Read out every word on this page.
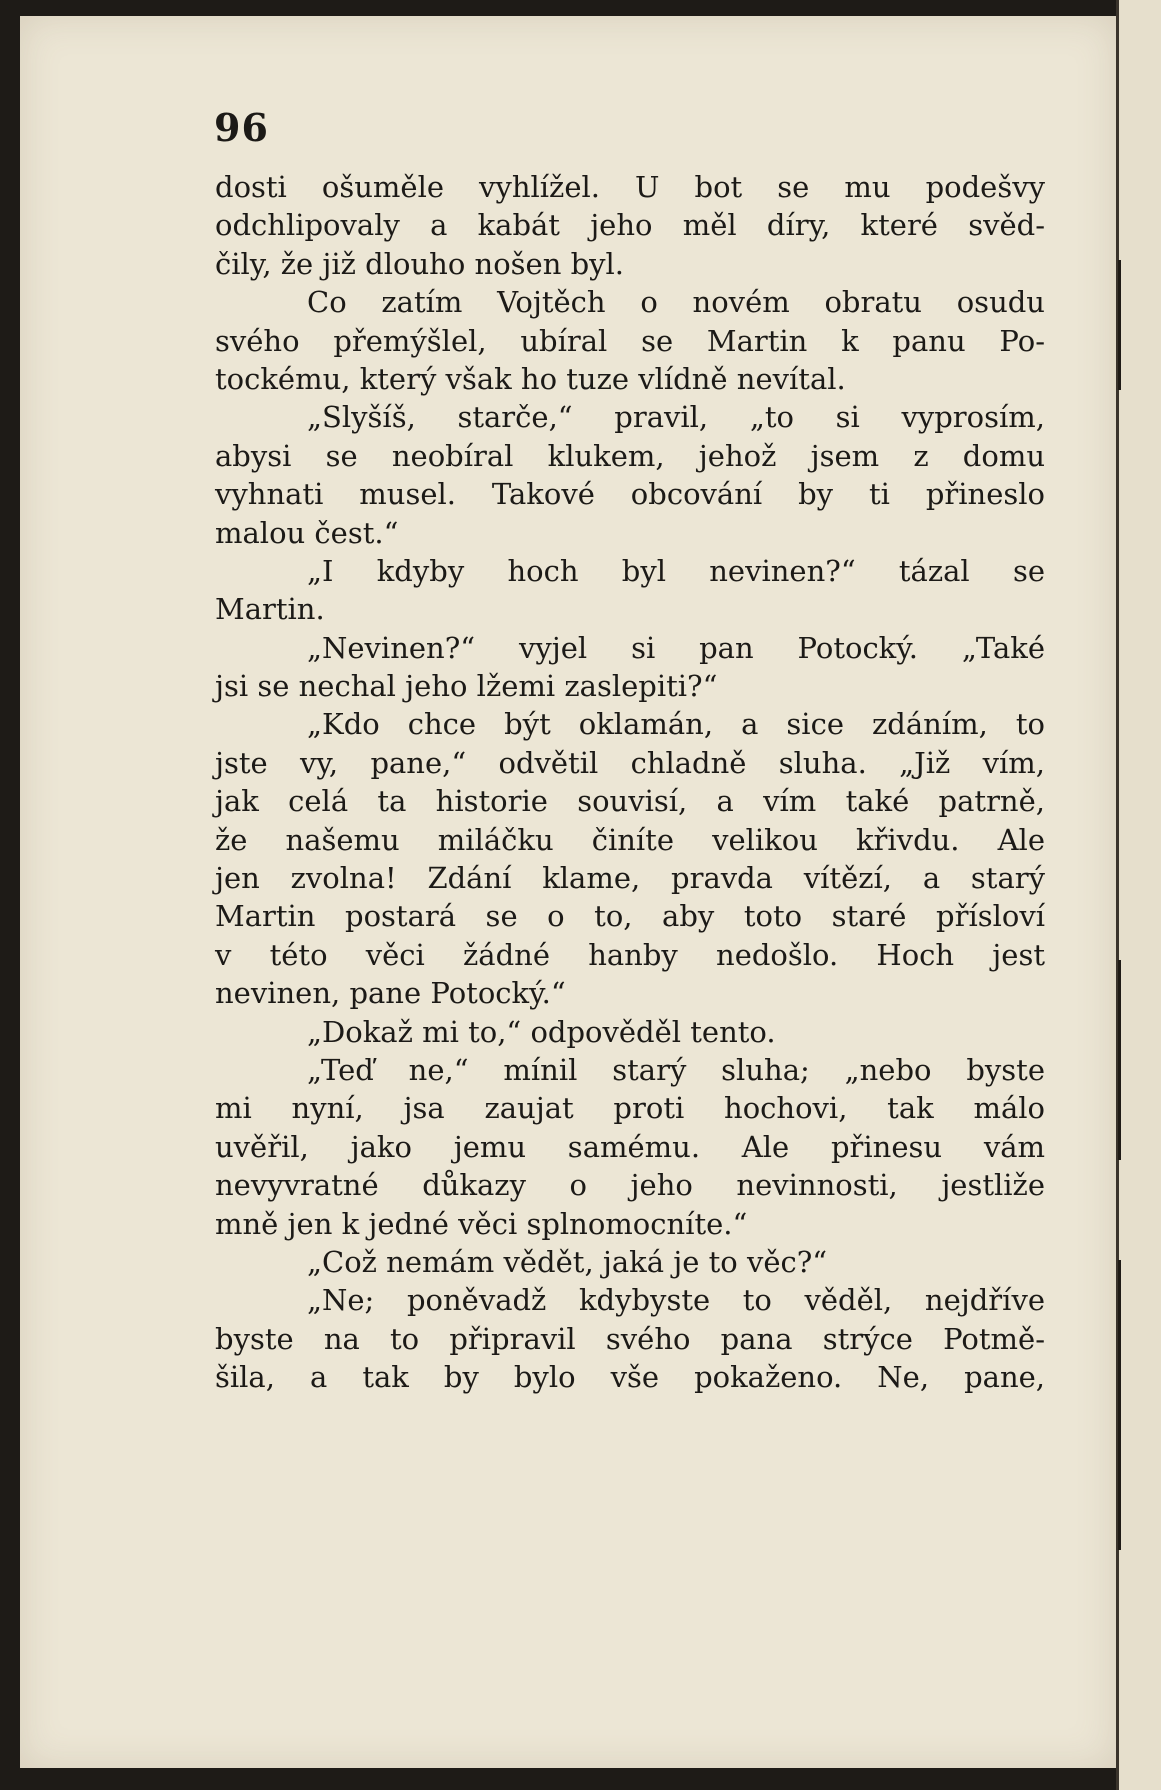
96
dosti ošuměle vyhlížel. U bot se mu podešvy
odchlipovaly a kabát jeho měl díry, které svěd-
čily, že již dlouho nošen byl.
Co zatím Vojtěch o novém obratu osudu
svého přemýšlel, ubíral se Martin k panu Po-
tockému, který však ho tuze vlídně nevítal.
„Slyšíš, starče,“ pravil, „to si vyprosím,
abysi se neobíral klukem, jehož jsem z domu
vyhnati musel. Takové obcování by ti přineslo
malou čest.“
„I kdyby hoch byl nevinen?“ tázal se
Martin.
„Nevinen?“ vyjel si pan Potocký. „Také
jsi se nechal jeho lžemi zaslepiti?“
„Kdo chce být oklamán, a sice zdáním, to
jste vy, pane,“ odvětil chladně sluha. „Již vím,
jak celá ta historie souvisí, a vím také patrně,
že našemu miláčku činíte velikou křivdu. Ale
jen zvolna! Zdání klame, pravda vítězí, a starý
Martin postará se o to, aby toto staré přísloví
v této věci žádné hanby nedošlo. Hoch jest
nevinen, pane Potocký.“
„Dokaž mi to,“ odpověděl tento.
„Teď ne,“ mínil starý sluha; „nebo byste
mi nyní, jsa zaujat proti hochovi, tak málo
uvěřil, jako jemu samému. Ale přinesu vám
nevyvratné důkazy o jeho nevinnosti, jestliže
mně jen k jedné věci splnomocníte.“
„Což nemám vědět, jaká je to věc?“
„Ne; poněvadž kdybyste to věděl, nejdříve
byste na to připravil svého pana strýce Potmě-
šila, a tak by bylo vše pokaženo. Ne, pane,
